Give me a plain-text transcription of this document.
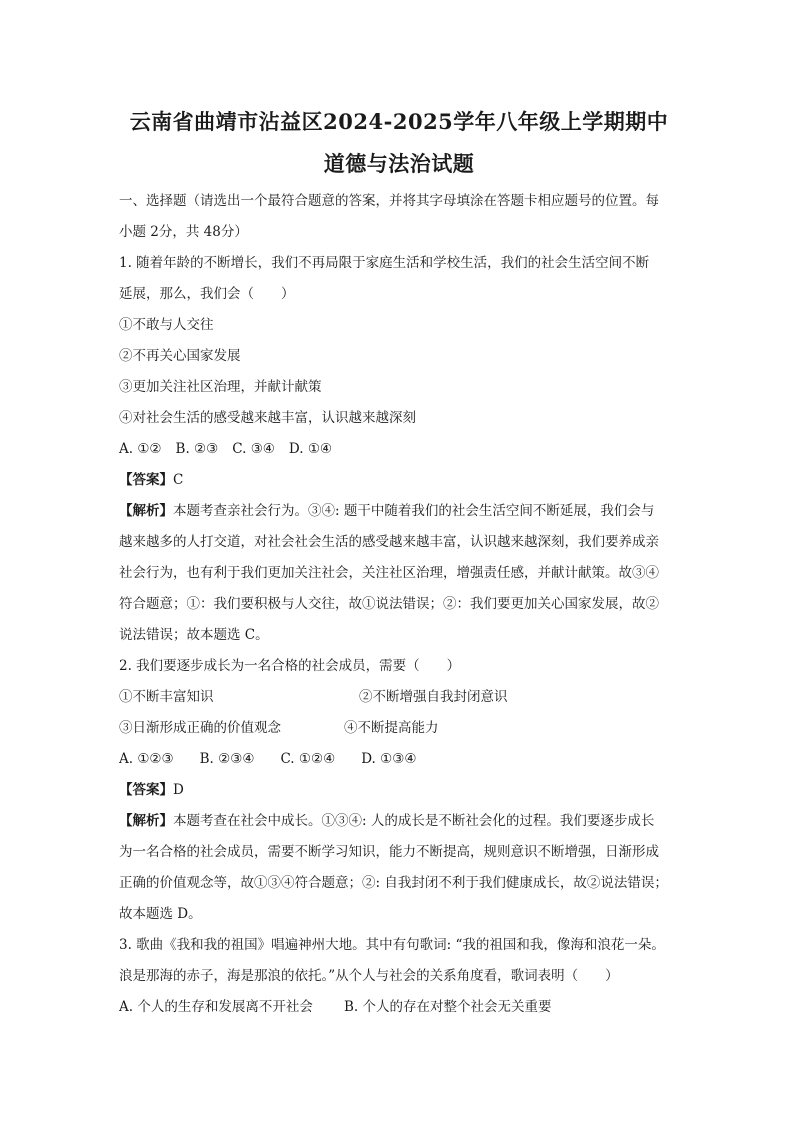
云南省曲靖市沾益区2024-2025学年八年级上学期期中
道德与法治试题

一、选择题（请选出一个最符合题意的答案，并将其字母填涂在答题卡相应题号的位置。每

小题 2分，共 48分）

1. 随着年龄的不断增长，我们不再局限于家庭生活和学校生活，我们的社会生活空间不断

延展，那么，我们会（　　）

①不敢与人交往

②不再关心国家发展

③更加关注社区治理，并献计献策

④对社会生活的感受越来越丰富，认识越来越深刻

A. ①② B. ②③ C. ③④ D. ①④

【答案】C

【解析】本题考查亲社会行为。③④: 题干中随着我们的社会生活空间不断延展，我们会与

越来越多的人打交道，对社会社会生活的感受越来越丰富，认识越来越深刻，我们要养成亲

社会行为，也有利于我们更加关注社会，关注社区治理，增强责任感，并献计献策。故③④

符合题意；①：我们要积极与人交往，故①说法错误；②：我们要更加关心国家发展，故②

说法错误；故本题选 C。

2. 我们要逐步成长为一名合格的社会成员，需要（　　）

①不断丰富知识	②不断增强自我封闭意识
③日渐形成正确的价值观念	④不断提高能力

A. ①②③ B. ②③④ C. ①②④ D. ①③④

【答案】D

【解析】本题考查在社会中成长。①③④: 人的成长是不断社会化的过程。我们要逐步成长

为一名合格的社会成员，需要不断学习知识，能力不断提高，规则意识不断增强，日渐形成

正确的价值观念等，故①③④符合题意；②: 自我封闭不利于我们健康成长，故②说法错误；

故本题选 D。

3. 歌曲《我和我的祖国》唱遍神州大地。其中有句歌词: “我的祖国和我，像海和浪花一朵。

浪是那海的赤子，海是那浪的依托。”从个人与社会的关系角度看，歌词表明（　　）

A. 个人的生存和发展离不开社会	B. 个人的存在对整个社会无关重要
